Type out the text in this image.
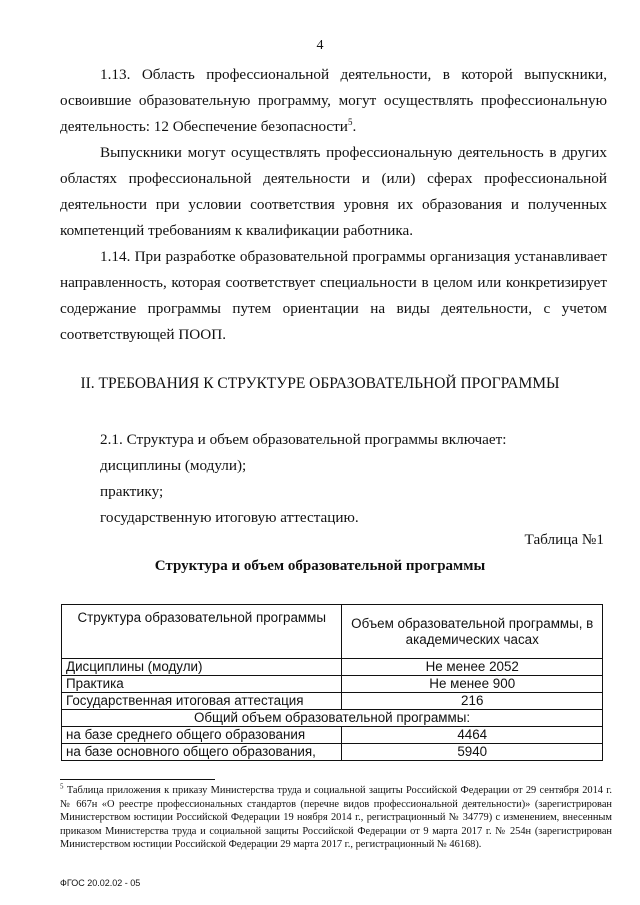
4
1.13. Область профессиональной деятельности, в которой выпускники, освоившие образовательную программу, могут осуществлять профессиональную деятельность: 12 Обеспечение безопасности$^5$.
Выпускники могут осуществлять профессиональную деятельность в других областях профессиональной деятельности и (или) сферах профессиональной деятельности при условии соответствия уровня их образования и полученных компетенций требованиям к квалификации работника.
1.14. При разработке образовательной программы организация устанавливает направленность, которая соответствует специальности в целом или конкретизирует содержание программы путем ориентации на виды деятельности, с учетом соответствующей ПООП.
II. ТРЕБОВАНИЯ К СТРУКТУРЕ ОБРАЗОВАТЕЛЬНОЙ ПРОГРАММЫ
2.1. Структура и объем образовательной программы включает:
дисциплины (модули);
практику;
государственную итоговую аттестацию.
Таблица №1
Структура и объем образовательной программы
Структура образовательной программы	Объем образовательной программы, в академических часах
Дисциплины (модули)	Не менее 2052
Практика	Не менее 900
Государственная итоговая аттестация	216
Общий объем образовательной программы:	
на базе среднего общего образования	4464
на базе основного общего образования,	5940
$^5$ Таблица приложения к приказу Министерства труда и социальной защиты Российской Федерации от 29 сентября 2014 г. № 667н «О реестре профессиональных стандартов (перечне видов профессиональной деятельности)» (зарегистрирован Министерством юстиции Российской Федерации 19 ноября 2014 г., регистрационный № 34779) с изменением, внесенным приказом Министерства труда и социальной защиты Российской Федерации от 9 марта 2017 г. № 254н (зарегистрирован Министерством юстиции Российской Федерации 29 марта 2017 г., регистрационный № 46168).
ФГОС 20.02.02 - 05
